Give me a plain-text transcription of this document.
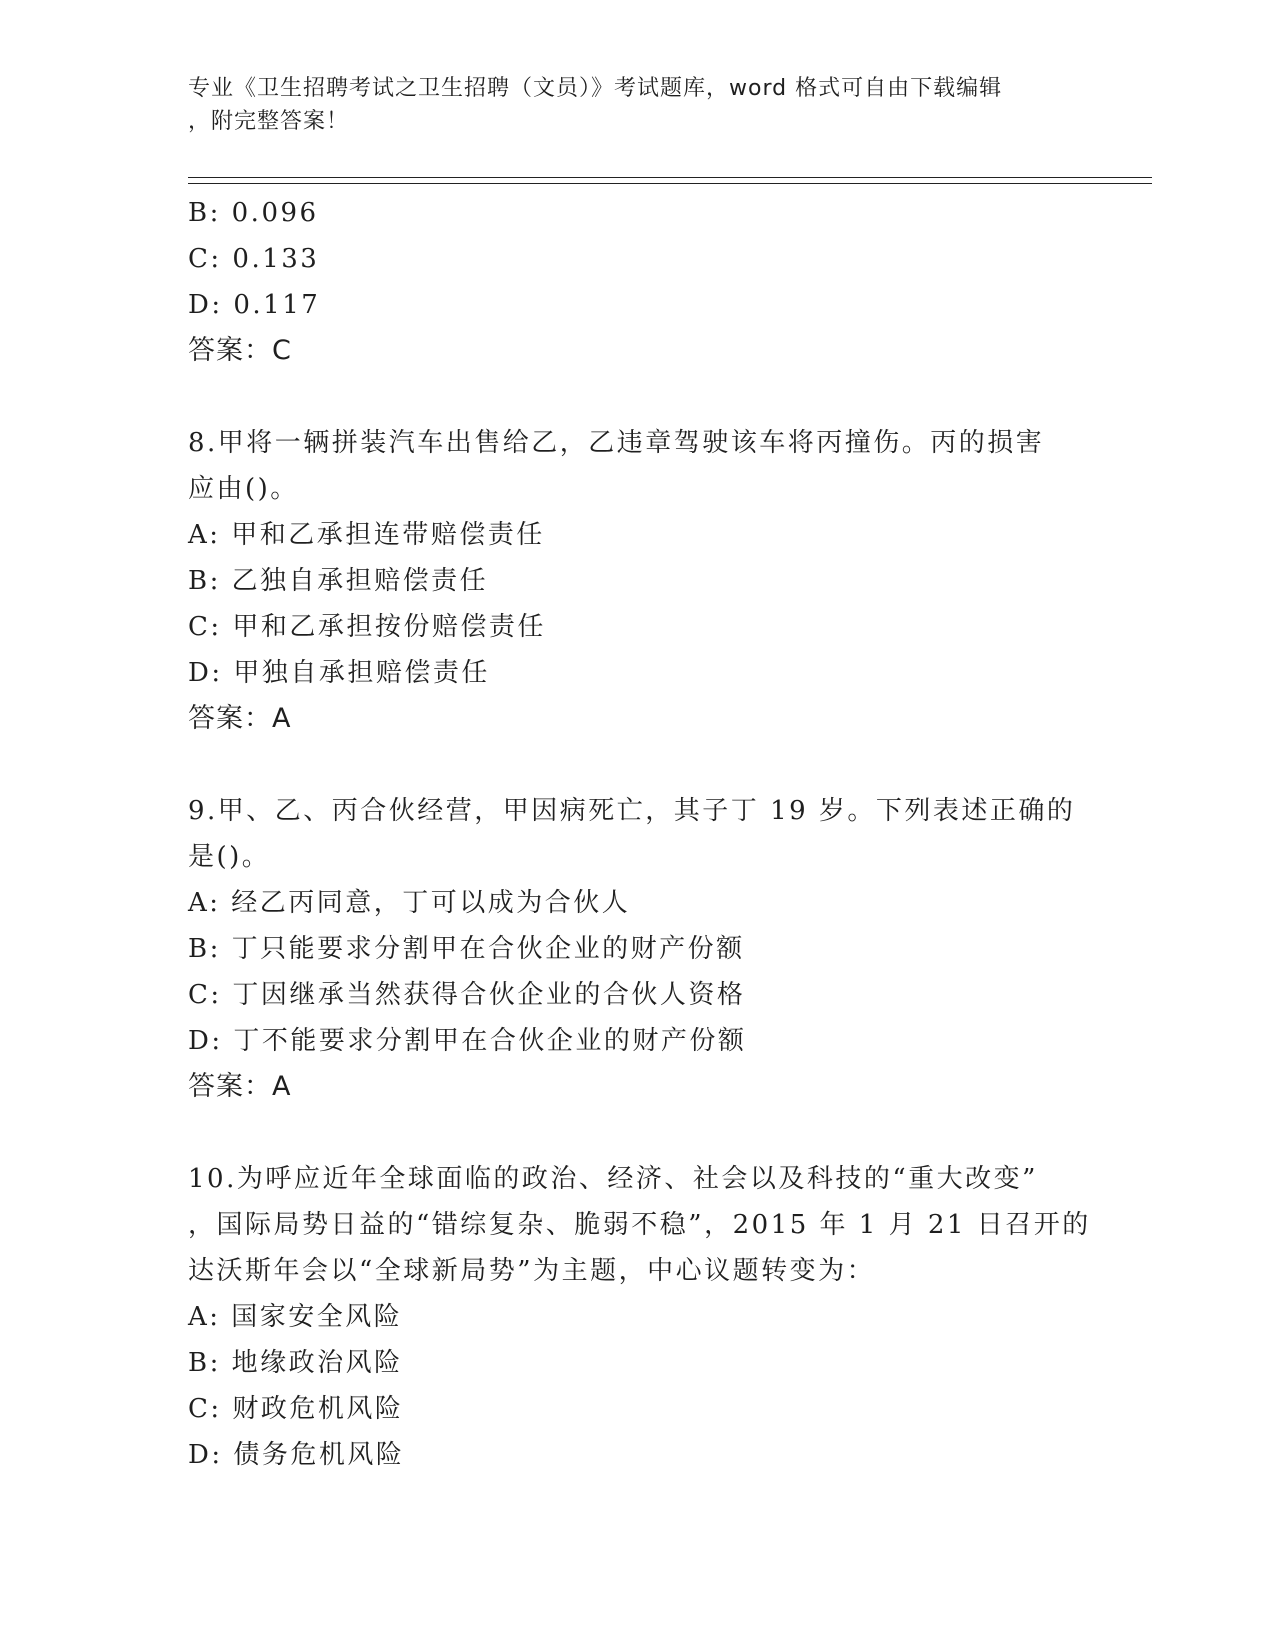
专业《卫生招聘考试之卫生招聘（文员）》考试题库，word 格式可自由下载编辑
，附完整答案！
B: 0.096
C: 0.133
D: 0.117
答案：C
8.甲将一辆拼装汽车出售给乙，乙违章驾驶该车将丙撞伤。丙的损害
应由()。
A: 甲和乙承担连带赔偿责任
B: 乙独自承担赔偿责任
C: 甲和乙承担按份赔偿责任
D: 甲独自承担赔偿责任
答案：A
9.甲、乙、丙合伙经营，甲因病死亡，其子丁 19 岁。下列表述正确的
是()。
A: 经乙丙同意，丁可以成为合伙人
B: 丁只能要求分割甲在合伙企业的财产份额
C: 丁因继承当然获得合伙企业的合伙人资格
D: 丁不能要求分割甲在合伙企业的财产份额
答案：A
10.为呼应近年全球面临的政治、经济、社会以及科技的“重大改变”
，国际局势日益的“错综复杂、脆弱不稳”，2015 年 1 月 21 日召开的
达沃斯年会以“全球新局势”为主题，中心议题转变为：
A: 国家安全风险
B: 地缘政治风险
C: 财政危机风险
D: 债务危机风险
